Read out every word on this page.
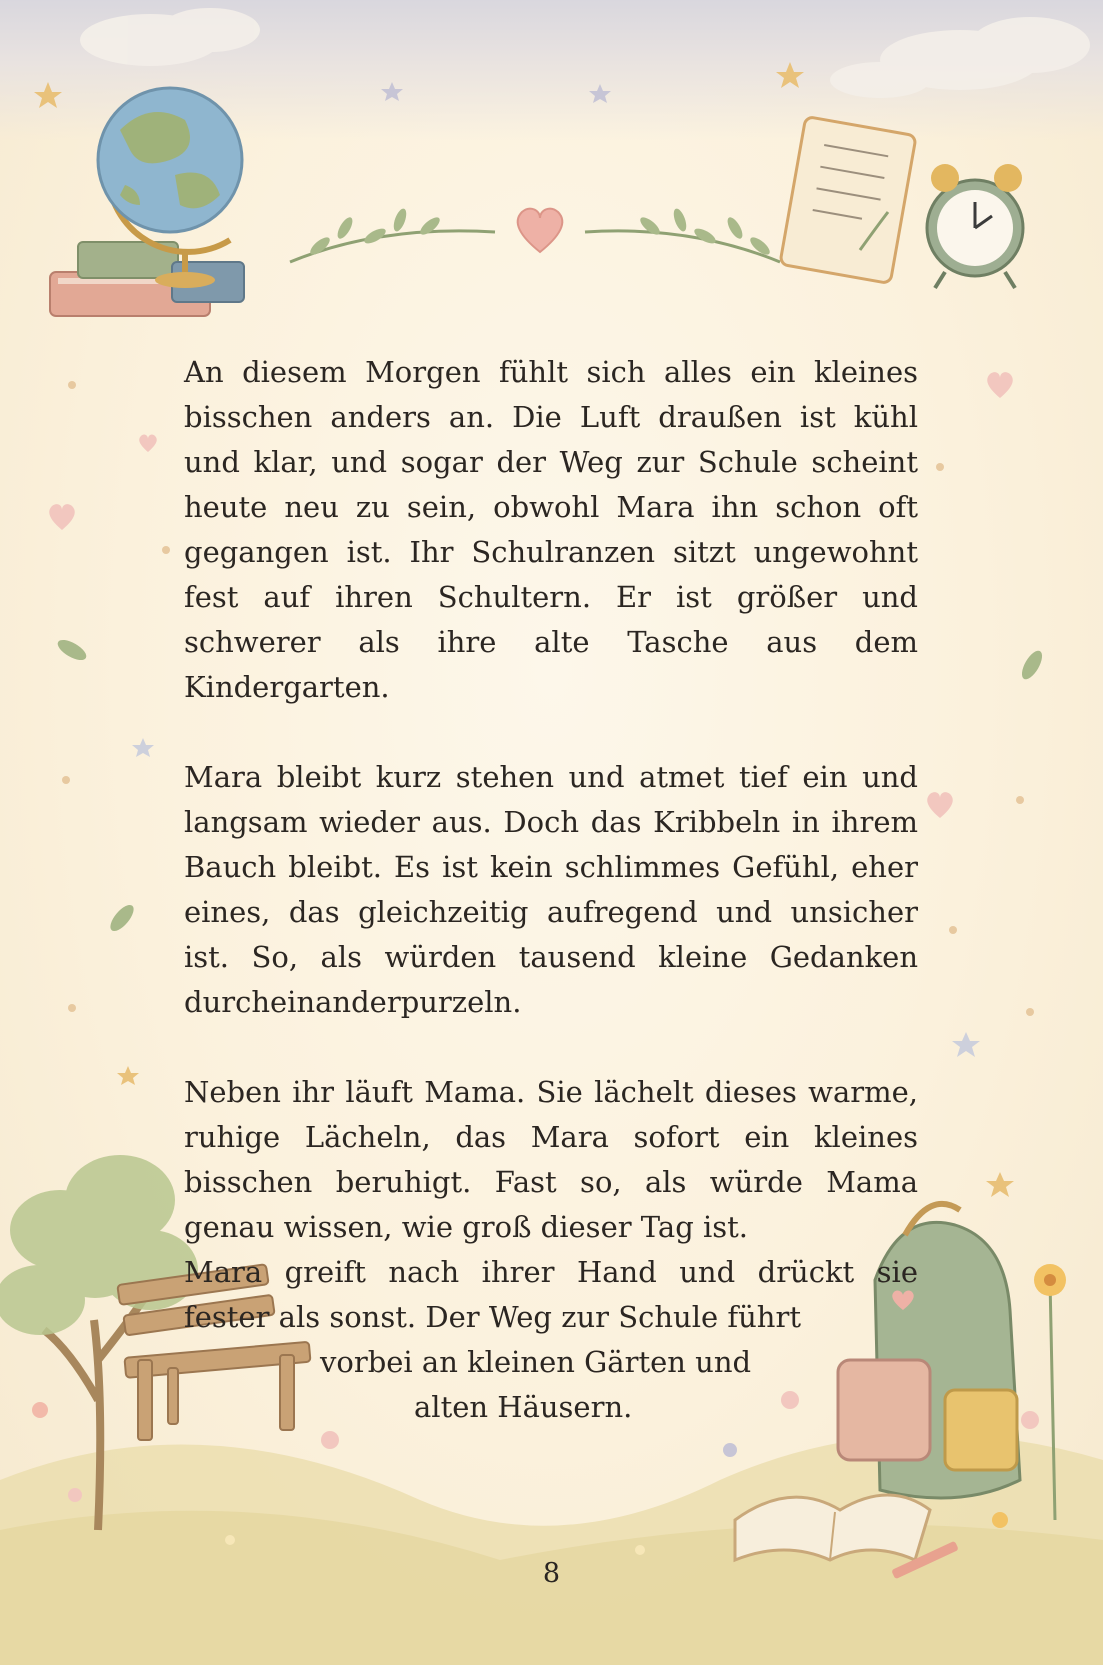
An diesem Morgen fühlt sich alles ein kleines bisschen anders an. Die Luft draußen ist kühl und klar, und sogar der Weg zur Schule scheint heute neu zu sein, obwohl Mara ihn schon oft gegangen ist. Ihr Schulranzen sitzt ungewohnt fest auf ihren Schultern. Er ist größer und schwerer als ihre alte Tasche aus dem Kindergarten.

Mara bleibt kurz stehen und atmet tief ein und langsam wieder aus. Doch das Kribbeln in ihrem Bauch bleibt. Es ist kein schlimmes Gefühl, eher eines, das gleichzeitig aufregend und unsicher ist. So, als würden tausend kleine Gedanken durcheinanderpurzeln.

Neben ihr läuft Mama. Sie lächelt dieses warme, ruhige Lächeln, das Mara sofort ein kleines bisschen beruhigt. Fast so, als würde Mama genau wissen, wie groß dieser Tag ist.

Mara greift nach ihrer Hand und drückt sie

fester als sonst. Der Weg zur Schule führt
vorbei an kleinen Gärten und
alten Häusern.
8
